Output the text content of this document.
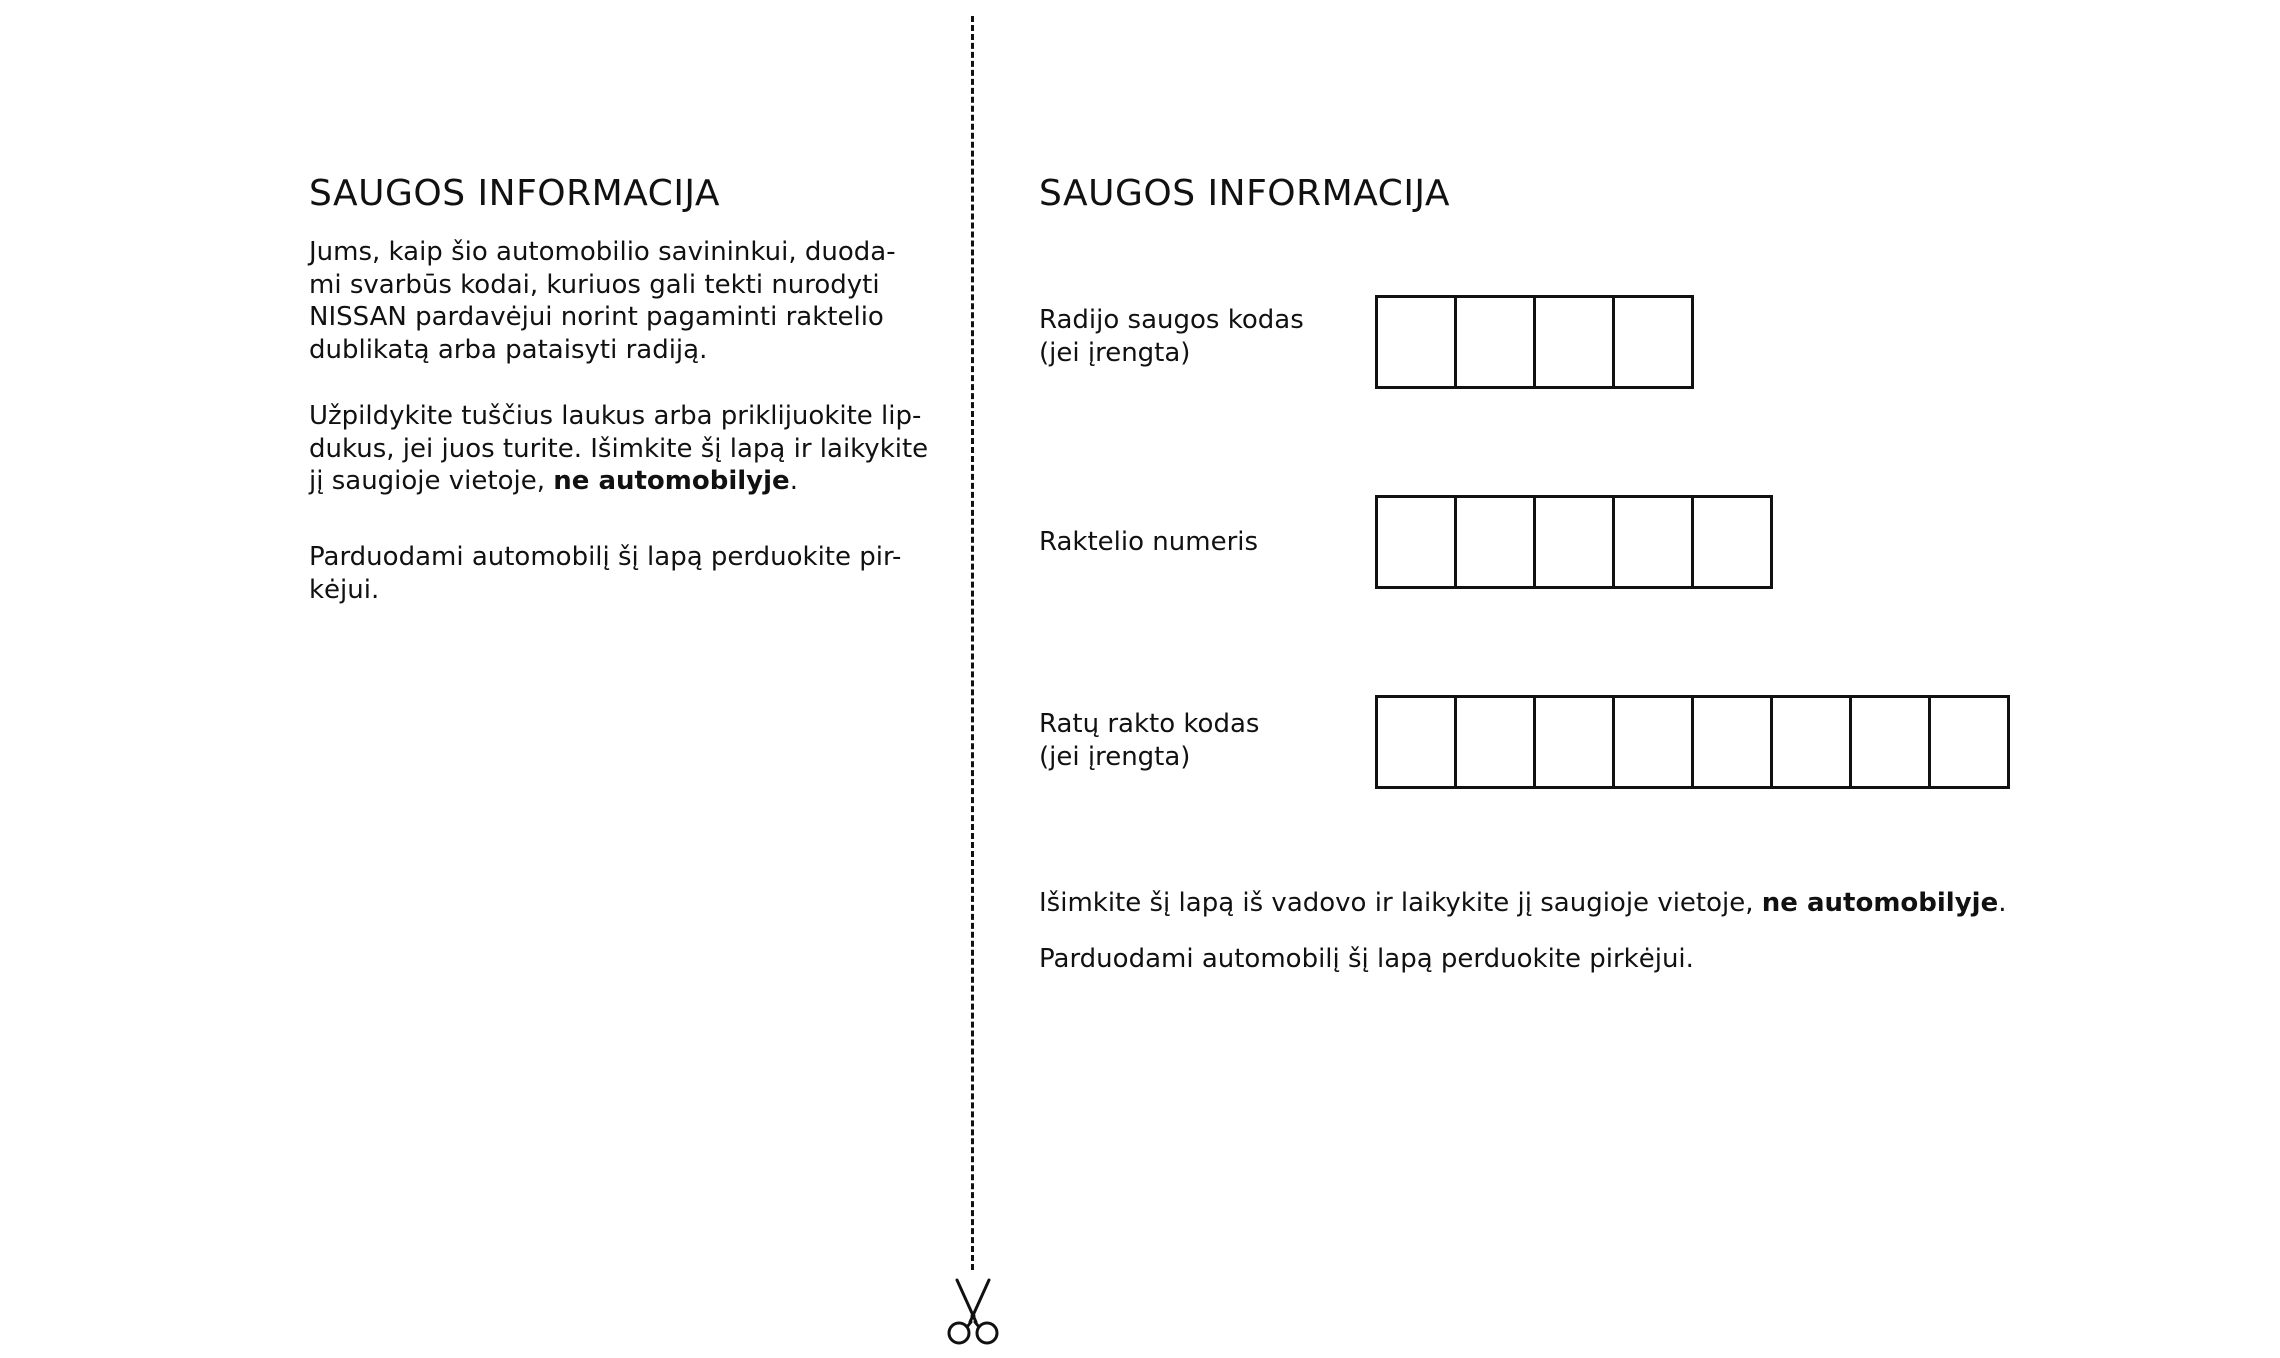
SAUGOS INFORMACIJA

Jums, kaip šio automobilio savininkui, duoda-
mi svarbūs kodai, kuriuos gali tekti nurodyti
NISSAN pardavėjui norint pagaminti raktelio
dublikatą arba pataisyti radiją.

Užpildykite tuščius laukus arba priklijuokite lip-
dukus, jei juos turite. Išimkite šį lapą ir laikykite
jį saugioje vietoje, ne automobilyje.

Parduodami automobilį šį lapą perduokite pir-
kėjui.

SAUGOS INFORMACIJA
Radijo saugos kodas
(jei įrengta)
Raktelio numeris
Ratų rakto kodas
(jei įrengta)

Išimkite šį lapą iš vadovo ir laikykite jį saugioje vietoje, ne automobilyje.

Parduodami automobilį šį lapą perduokite pirkėjui.
